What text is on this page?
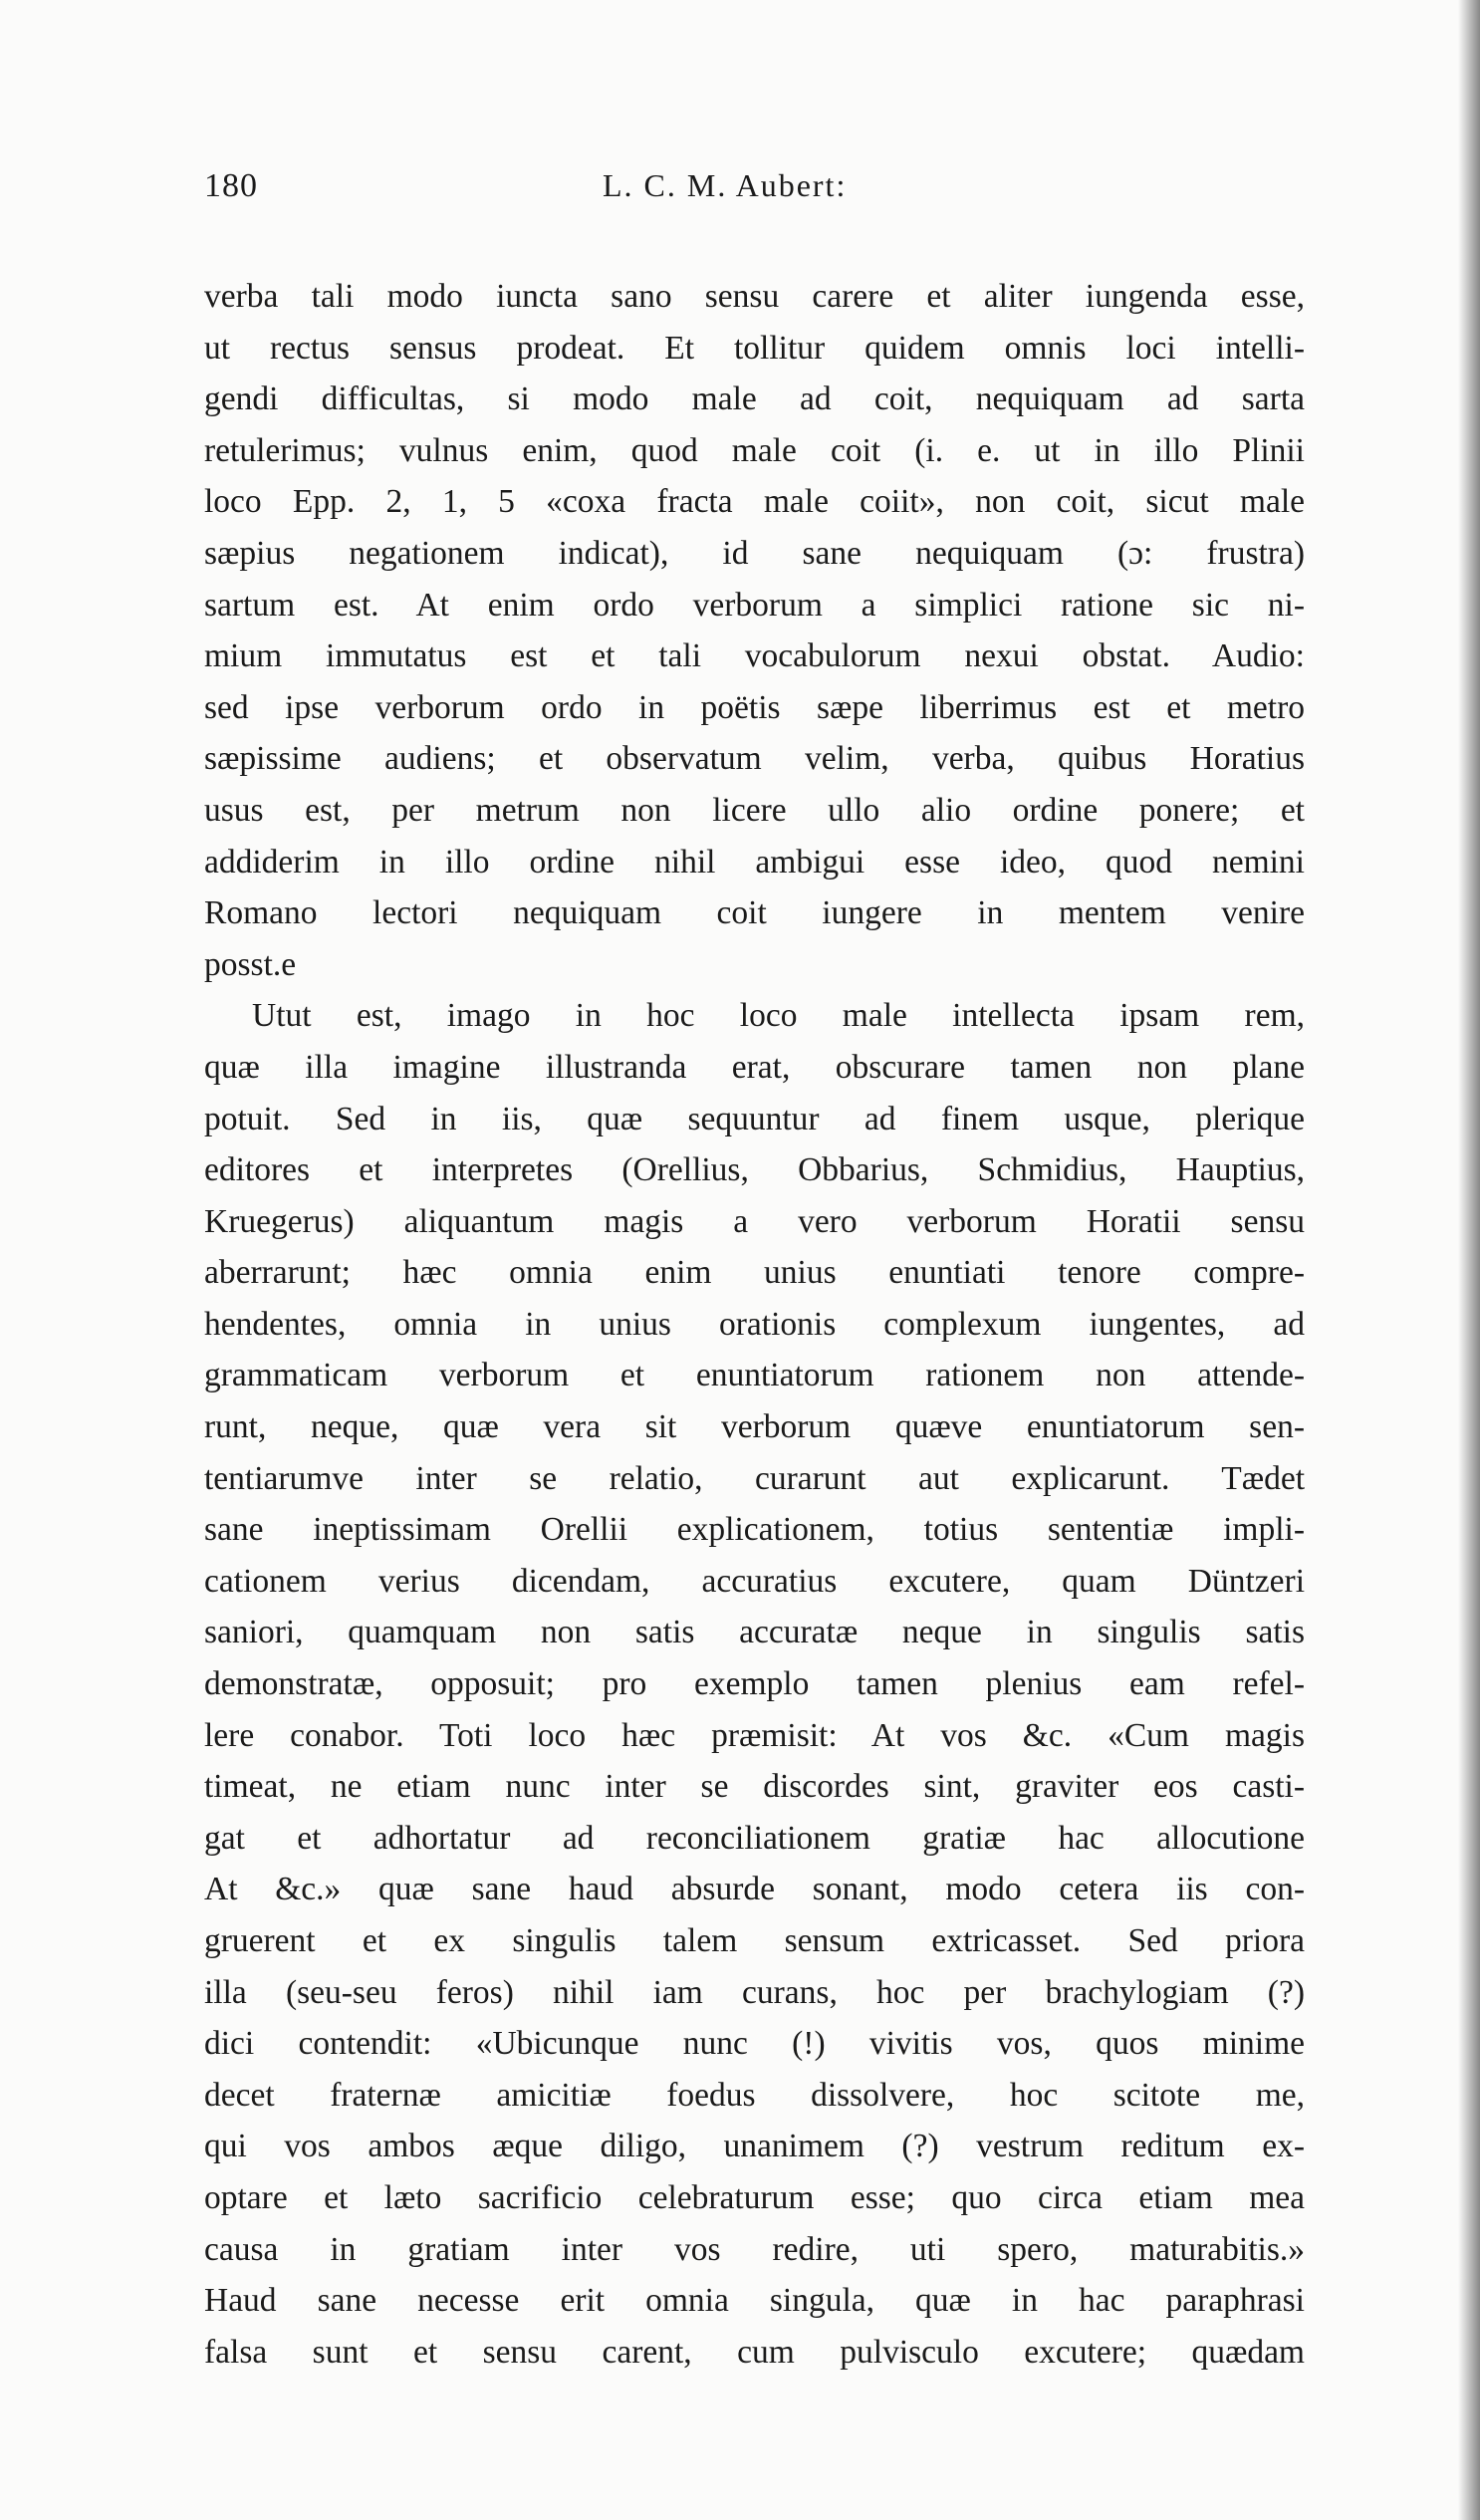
180	L. C. M. Aubert:
verba tali modo iuncta sano sensu carere et aliter iungenda esse,
ut rectus sensus prodeat. Et tollitur quidem omnis loci intelli-
gendi difficultas, si modo male ad coit, nequiquam ad sarta
retulerimus; vulnus enim, quod male coit (i. e. ut in illo Plinii
loco Epp. 2, 1, 5 «coxa fracta male coiit», non coit, sicut male
sæpius negationem indicat), id sane nequiquam (ɔ: frustra)
sartum est. At enim ordo verborum a simplici ratione sic ni-
mium immutatus est et tali vocabulorum nexui obstat. Audio:
sed ipse verborum ordo in poëtis sæpe liberrimus est et metro
sæpissime audiens; et observatum velim, verba, quibus Horatius
usus est, per metrum non licere ullo alio ordine ponere; et
addiderim in illo ordine nihil ambigui esse ideo, quod nemini
Romano lectori nequiquam coit iungere in mentem venire
posst.e
Utut est, imago in hoc loco male intellecta ipsam rem,
quæ illa imagine illustranda erat, obscurare tamen non plane
potuit. Sed in iis, quæ sequuntur ad finem usque, plerique
editores et interpretes (Orellius, Obbarius, Schmidius, Hauptius,
Kruegerus) aliquantum magis a vero verborum Horatii sensu
aberrarunt; hæc omnia enim unius enuntiati tenore compre-
hendentes, omnia in unius orationis complexum iungentes, ad
grammaticam verborum et enuntiatorum rationem non attende-
runt, neque, quæ vera sit verborum quæve enuntiatorum sen-
tentiarumve inter se relatio, curarunt aut explicarunt. Tædet
sane ineptissimam Orellii explicationem, totius sententiæ impli-
cationem verius dicendam, accuratius excutere, quam Düntzeri
saniori, quamquam non satis accuratæ neque in singulis satis
demonstratæ, opposuit; pro exemplo tamen plenius eam refel-
lere conabor. Toti loco hæc præmisit: At vos &c. «Cum magis
timeat, ne etiam nunc inter se discordes sint, graviter eos casti-
gat et adhortatur ad reconciliationem gratiæ hac allocutione
At &c.» quæ sane haud absurde sonant, modo cetera iis con-
gruerent et ex singulis talem sensum extricasset. Sed priora
illa (seu-seu feros) nihil iam curans, hoc per brachylogiam (?)
dici contendit: «Ubicunque nunc (!) vivitis vos, quos minime
decet fraternæ amicitiæ foedus dissolvere, hoc scitote me,
qui vos ambos æque diligo, unanimem (?) vestrum reditum ex-
optare et læto sacrificio celebraturum esse; quo circa etiam mea
causa in gratiam inter vos redire, uti spero, maturabitis.»
Haud sane necesse erit omnia singula, quæ in hac paraphrasi
falsa sunt et sensu carent, cum pulvisculo excutere; quædam
